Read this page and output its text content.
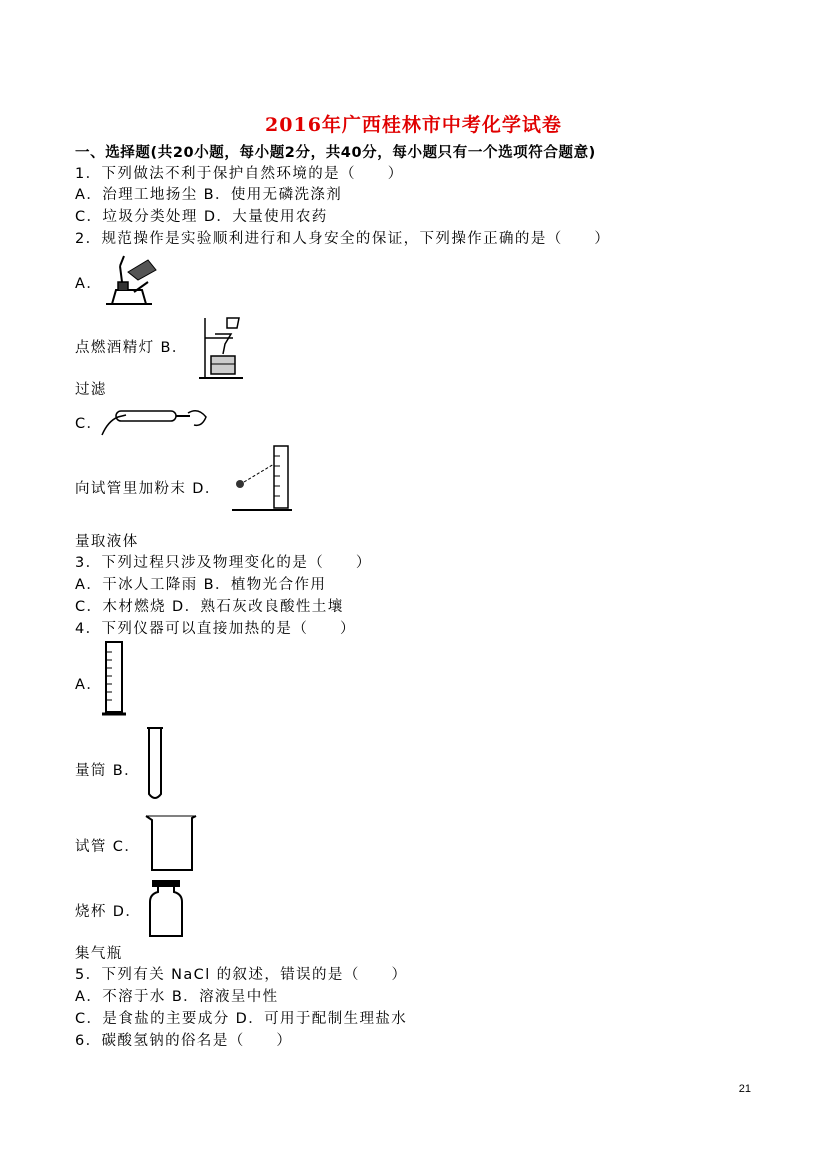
2016年广西桂林市中考化学试卷
一、选择题(共20小题，每小题2分，共40分，每小题只有一个选项符合题意)
1．下列做法不利于保护自然环境的是（　　）
A．治理工地扬尘 B．使用无磷洗涤剂
C．垃圾分类处理 D．大量使用农药
2．规范操作是实验顺利进行和人身安全的保证，下列操作正确的是（　　）
A．
点燃酒精灯 B．
过滤
C．
向试管里加粉末 D．
量取液体
3．下列过程只涉及物理变化的是（　　）
A．干冰人工降雨 B．植物光合作用
C．木材燃烧 D．熟石灰改良酸性土壤
4．下列仪器可以直接加热的是（　　）
A．
量筒 B．
试管 C．
烧杯 D．
集气瓶
5．下列有关 NaCl 的叙述，错误的是（　　）
A．不溶于水 B．溶液呈中性
C．是食盐的主要成分 D．可用于配制生理盐水
6．碳酸氢钠的俗名是（　　）
21
